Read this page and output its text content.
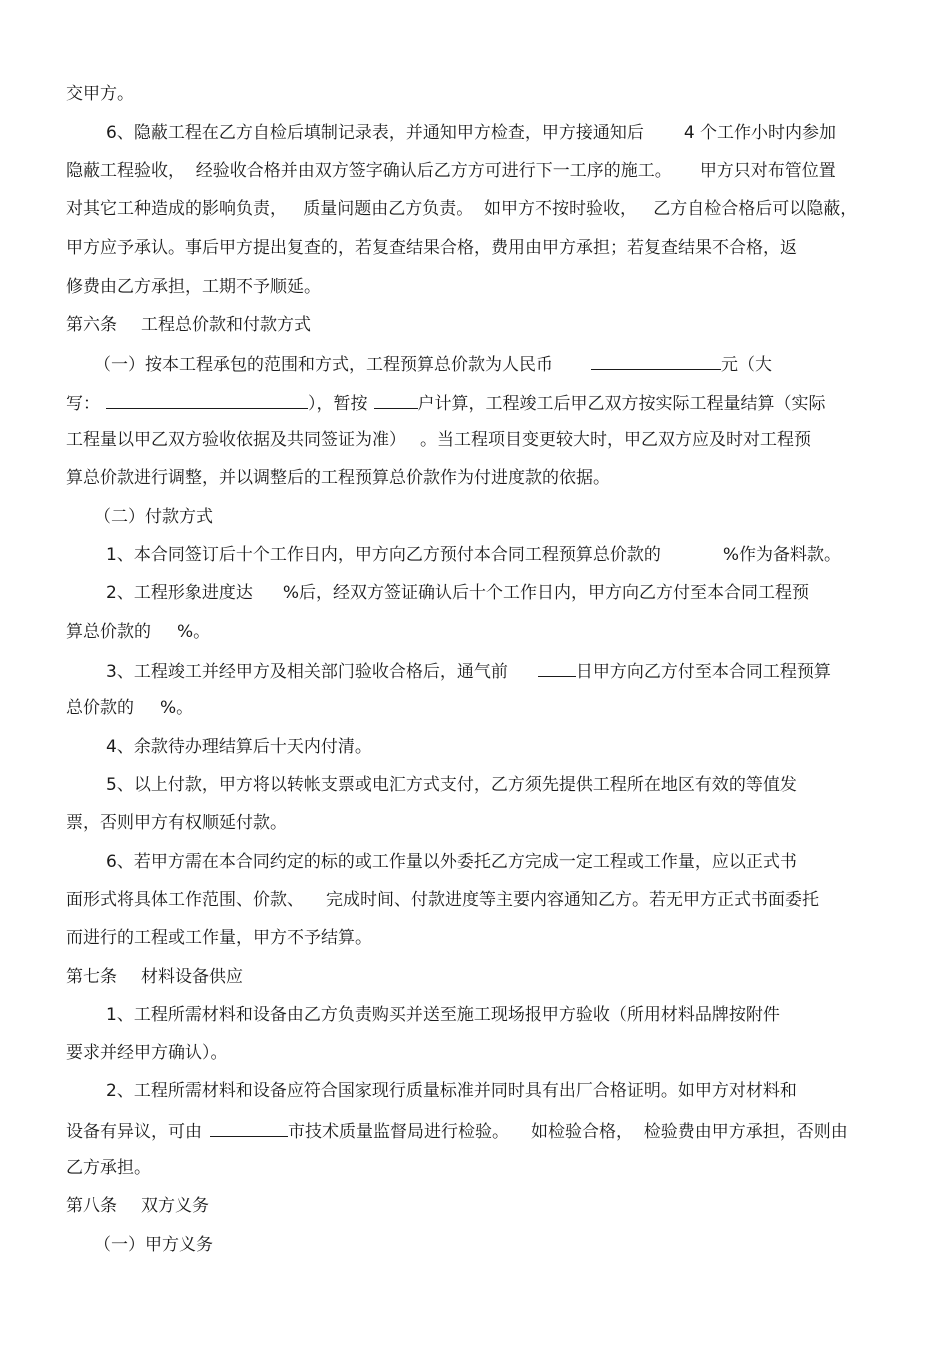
交甲方。
6、隐蔽工程在乙方自检后填制记录表，并通知甲方检查，甲方接通知后 4 个工作小时内参加
隐蔽工程验收，  经验收合格并由双方签字确认后乙方方可进行下一工序的施工。 甲方只对布管位置
对其它工种造成的影响负责，   质量问题由乙方负责。  如甲方不按时验收，   乙方自检合格后可以隐蔽，
甲方应予承认。事后甲方提出复查的，若复查结果合格，费用由甲方承担；若复查结果不合格，返
修费由乙方承担，工期不予顺延。
第六条 工程总价款和付款方式
（一）按本工程承包的范围和方式，工程预算总价款为人民币	元（大
写：	），暂按	户计算，工程竣工后甲乙双方按实际工程量结算（实际
工程量以甲乙双方验收依据及共同签证为准） 。当工程项目变更较大时，甲乙双方应及时对工程预
算总价款进行调整，并以调整后的工程预算总价款作为付进度款的依据。
（二）付款方式
1、本合同签订后十个工作日内，甲方向乙方预付本合同工程预算总价款的	%作为备料款。
2、工程形象进度达 %后，经双方签证确认后十个工作日内，甲方向乙方付至本合同工程预
算总价款的 %。
3、工程竣工并经甲方及相关部门验收合格后，通气前	日甲方向乙方付至本合同工程预算
总价款的 %。
4、余款待办理结算后十天内付清。
5、以上付款，甲方将以转帐支票或电汇方式支付，乙方须先提供工程所在地区有效的等值发
票，否则甲方有权顺延付款。
6、若甲方需在本合同约定的标的或工作量以外委托乙方完成一定工程或工作量，应以正式书
面形式将具体工作范围、价款、 完成时间、付款进度等主要内容通知乙方。若无甲方正式书面委托
而进行的工程或工作量，甲方不予结算。
第七条 材料设备供应
1、工程所需材料和设备由乙方负责购买并送至施工现场报甲方验收（所用材料品牌按附件
要求并经甲方确认）。
2、工程所需材料和设备应符合国家现行质量标准并同时具有出厂合格证明。如甲方对材料和
设备有异议，可由	市技术质量监督局进行检验。 如检验合格，  检验费由甲方承担，否则由
乙方承担。
第八条 双方义务
（一）甲方义务
